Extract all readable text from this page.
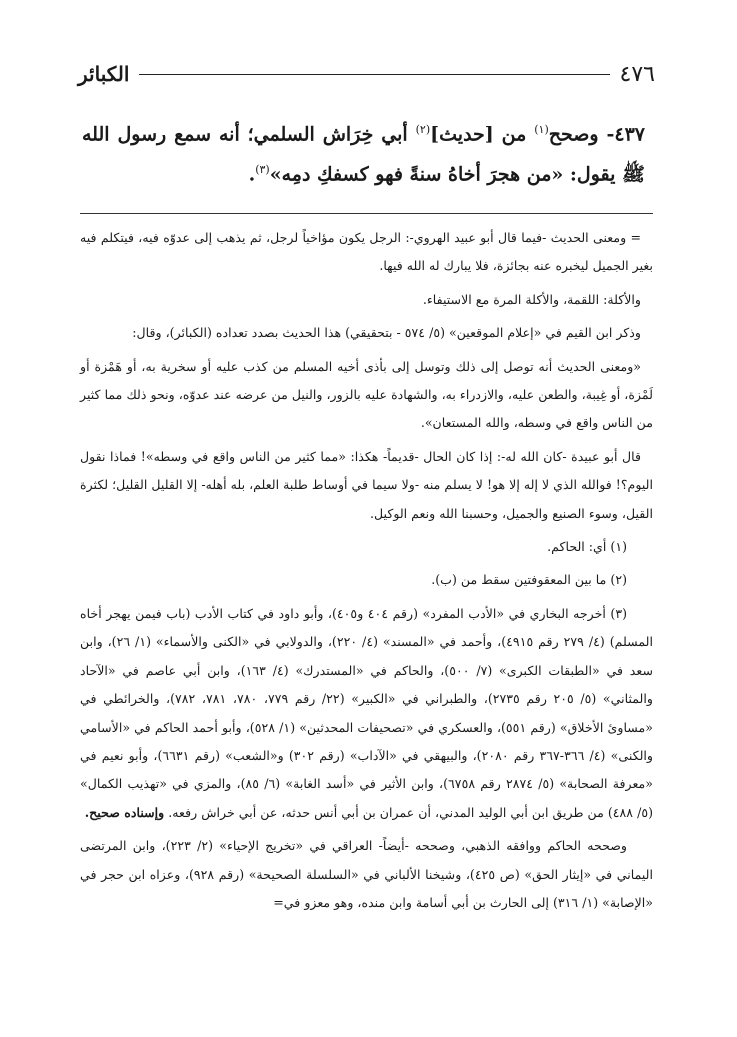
الكبائر	٤٧٦
٤٣٧- وصحح$^{(١)}$ من [حديث]$^{(٢)}$ أبي خِرَاش السلمي؛ أنه سمع رسول الله ﷺ يقول: «من هجرَ أخاهُ سنةً فهو كسفكِ دمِه»$^{(٣)}$.

= ومعنى الحديث -فيما قال أبو عبيد الهروي-: الرجل يكون مؤاخياً لرجل، ثم يذهب إلى عدوّه فيه، فيتكلم فيه بغير الجميل ليخبره عنه بجائزة، فلا يبارك له الله فيها.

والأكلة: اللقمة، والأكلة المرة مع الاستيفاء.

وذكر ابن القيم في «إعلام الموقعين» (٥/ ٥٧٤ - بتحقيقي) هذا الحديث بصدد تعداده (الكبائر)، وقال:

«ومعنى الحديث أنه توصل إلى ذلك وتوسل إلى بأذى أخيه المسلم من كذب عليه أو سخرية به، أو هَمْزة أو لَمْزة، أو غِيبة، والطعن عليه، والازدراء به، والشهادة عليه بالزور، والنيل من عرضه عند عدوّه، ونحو ذلك مما كثير من الناس واقع في وسطه، والله المستعان».

قال أبو عبيدة -كان الله له-: إذا كان الحال -قديماً- هكذا: «مما كثير من الناس واقع في وسطه»! فماذا نقول اليوم؟! فوالله الذي لا إله إلا هو! لا يسلم منه -ولا سيما في أوساط طلبة العلم، بله أهله- إلا القليل القليل؛ لكثرة القيل، وسوء الصنيع والجميل، وحسبنا الله ونعم الوكيل.

(١) أي: الحاكم.

(٢) ما بين المعقوفتين سقط من (ب).

(٣) أخرجه البخاري في «الأدب المفرد» (رقم ٤٠٤ و٤٠٥)، وأبو داود في كتاب الأدب (باب فيمن يهجر أخاه المسلم) (٤/ ٢٧٩ رقم ٤٩١٥)، وأحمد في «المسند» (٤/ ٢٢٠)، والدولابي في «الكنى والأسماء» (١/ ٢٦)، وابن سعد في «الطبقات الكبرى» (٧/ ٥٠٠)، والحاكم في «المستدرك» (٤/ ١٦٣)، وابن أبي عاصم في «الآحاد والمثاني» (٥/ ٢٠٥ رقم ٢٧٣٥)، والطبراني في «الكبير» (٢٢/ رقم ٧٧٩، ٧٨٠، ٧٨١، ٧٨٢)، والخرائطي في «مساوئ الأخلاق» (رقم ٥٥١)، والعسكري في «تصحيفات المحدثين» (١/ ٥٢٨)، وأبو أحمد الحاكم في «الأسامي والكنى» (٤/ ٣٦٦-٣٦٧ رقم ٢٠٨٠)، والبيهقي في «الآداب» (رقم ٣٠٢) و«الشعب» (رقم ٦٦٣١)، وأبو نعيم في «معرفة الصحابة» (٥/ ٢٨٧٤ رقم ٦٧٥٨)، وابن الأثير في «أسد الغابة» (٦/ ٨٥)، والمزي في «تهذيب الكمال» (٥/ ٤٨٨) من طريق ابن أبي الوليد المدني، أن عمران بن أبي أنس حدثه، عن أبي خراش رفعه. وإسناده صحيح.

وصححه الحاكم ووافقه الذهبي، وصححه -أيضاً- العراقي في «تخريج الإحياء» (٢/ ٢٢٣)، وابن المرتضى اليماني في «إيثار الحق» (ص ٤٢٥)، وشيخنا الألباني في «السلسلة الصحيحة» (رقم ٩٢٨)، وعزاه ابن حجر في «الإصابة» (١/ ٣١٦) إلى الحارث بن أبي أسامة وابن منده، وهو معزو في=
